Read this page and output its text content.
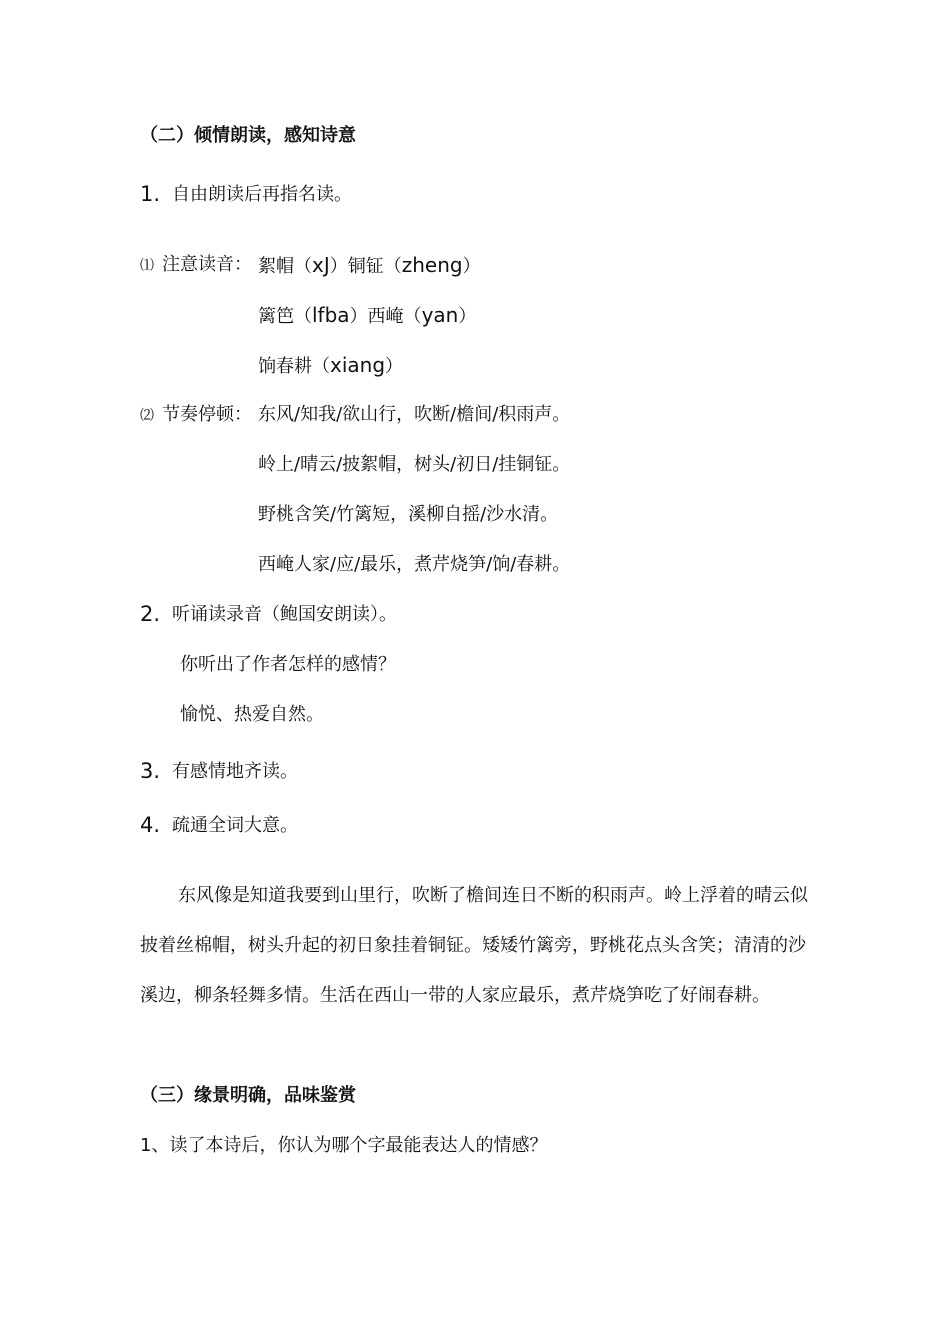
（二）倾情朗读，感知诗意
1. 自由朗读后再指名读。
⑴ 注意读音： 絮帽（xJ）铜钲（zheng）
篱笆（lfba）西崦（yan）
饷春耕（xiang）
⑵ 节奏停顿： 东风/知我/欲山行，吹断/檐间/积雨声。
岭上/晴云/披絮帽，树头/初日/挂铜钲。
野桃含笑/竹篱短，溪柳自摇/沙水清。
西崦人家/应/最乐，煮芹烧笋/饷/春耕。
2. 听诵读录音（鲍国安朗读）。
你听出了作者怎样的感情？
愉悦、热爱自然。
3. 有感情地齐读。
4. 疏通全词大意。
东风像是知道我要到山里行，吹断了檐间连日不断的积雨声。岭上浮着的晴云似披着丝棉帽，树头升起的初日象挂着铜钲。矮矮竹篱旁，野桃花点头含笑；清清的沙溪边，柳条轻舞多情。生活在西山一带的人家应最乐，煮芹烧笋吃了好闹春耕。
（三）缘景明确，品味鉴赏
1、读了本诗后，你认为哪个字最能表达人的情感？
